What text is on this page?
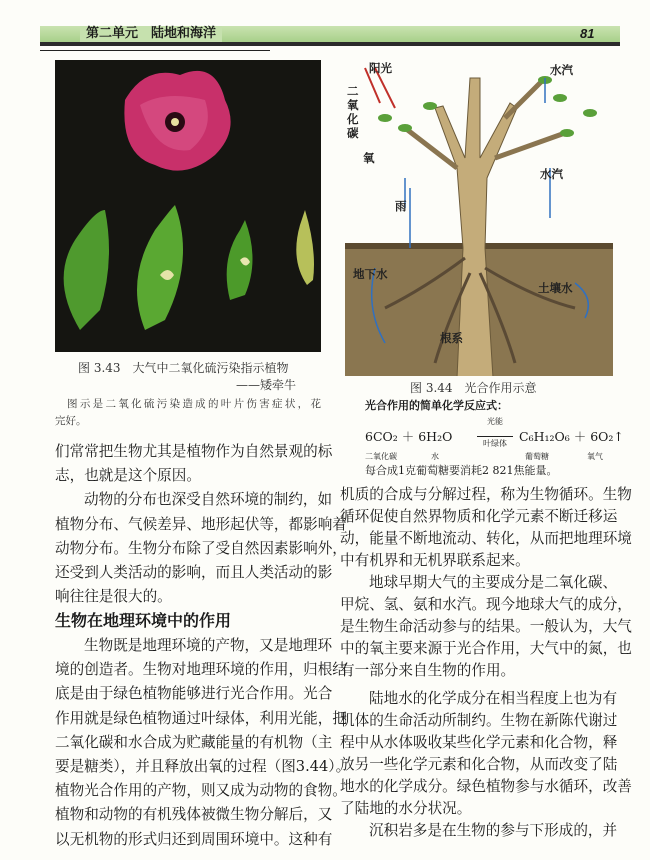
第二单元　陆地和海洋	81
阳光
二
氧
化
碳
氧
水汽
水汽
雨
地下水
土壤水
根系
图 3.43　大气中二氧化硫污染指示植物
——矮牵牛
图示是二氧化硫污染造成的叶片伤害症状，花
完好。
图 3.44　光合作用示意
光合作用的简单化学反应式：
6CO₂ ＋ 6H₂O
光能
叶绿体 C₆H₁₂O₆ ＋ 6O₂↑
二氧化碳	水	葡萄糖	氧气
每合成1克葡萄糖要消耗2 821焦能量。
们常常把生物尤其是植物作为自然景观的标
志，也就是这个原因。
动物的分布也深受自然环境的制约，如
植物分布、气候差异、地形起伏等，都影响着
动物分布。生物分布除了受自然因素影响外，
还受到人类活动的影响，而且人类活动的影
响往往是很大的。
生物在地理环境中的作用
生物既是地理环境的产物，又是地理环
境的创造者。生物对地理环境的作用，归根结
底是由于绿色植物能够进行光合作用。光合
作用就是绿色植物通过叶绿体，利用光能，把
二氧化碳和水合成为贮藏能量的有机物（主
要是糖类），并且释放出氧的过程（图3.44）。
植物光合作用的产物，则又成为动物的食物。
植物和动物的有机残体被微生物分解后，又
以无机物的形式归还到周围环境中。这种有
机质的合成与分解过程，称为生物循环。生物
循环促使自然界物质和化学元素不断迁移运
动，能量不断地流动、转化，从而把地理环境
中有机界和无机界联系起来。
地球早期大气的主要成分是二氧化碳、
甲烷、氢、氨和水汽。现今地球大气的成分，
是生物生命活动参与的结果。一般认为，大气
中的氧主要来源于光合作用，大气中的氮，也
有一部分来自生物的作用。
陆地水的化学成分在相当程度上也为有
机体的生命活动所制约。生物在新陈代谢过
程中从水体吸收某些化学元素和化合物，释
放另一些化学元素和化合物，从而改变了陆
地水的化学成分。绿色植物参与水循环，改善
了陆地的水分状况。
沉积岩多是在生物的参与下形成的，并
